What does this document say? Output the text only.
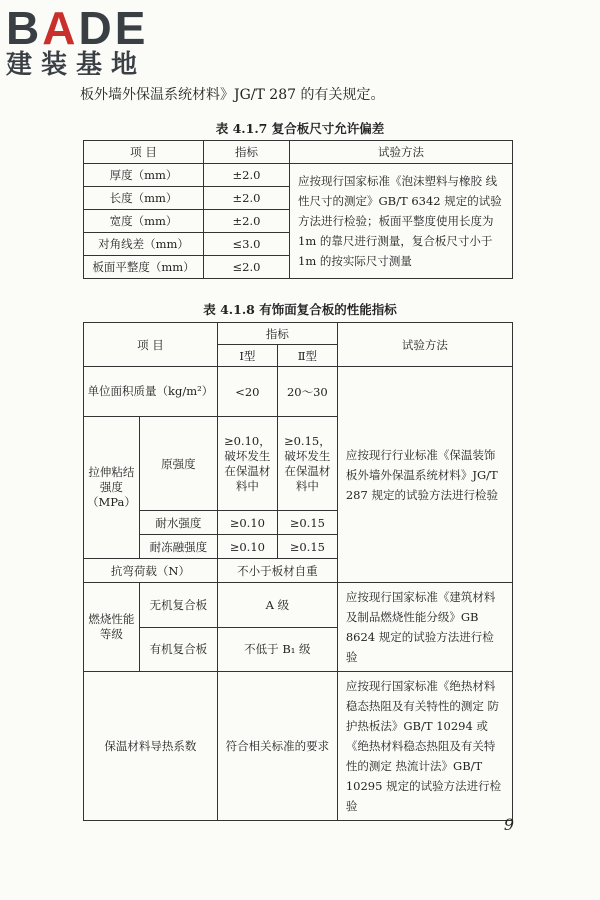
BADE
建装基地
板外墙外保温系统材料》JG/T 287 的有关规定。
表 4.1.7 复合板尺寸允许偏差
项 目	指标	试验方法
厚度（mm）	±2.0	应按现行国家标准《泡沫塑料与橡胶 线性尺寸的测定》GB/T 6342 规定的试验方法进行检验；板面平整度使用长度为 1m 的靠尺进行测量，复合板尺寸小于 1m 的按实际尺寸测量
长度（mm）	±2.0	
宽度（mm）	±2.0	
对角线差（mm）	≤3.0	
板面平整度（mm）	≤2.0	
表 4.1.8 有饰面复合板的性能指标
项 目		指标		试验方法
		Ⅰ型	Ⅱ型	
单位面积质量（kg/m²）		<20	20～30	应按现行行业标准《保温装饰板外墙外保温系统材料》JG/T 287 规定的试验方法进行检验
拉伸粘结强度（MPa）	原强度	≥0.10，破坏发生在保温材料中	≥0.15，破坏发生在保温材料中	
	耐水强度	≥0.10	≥0.15	
	耐冻融强度	≥0.10	≥0.15	
抗弯荷载（N）		不小于板材自重		
燃烧性能等级	无机复合板	A 级		应按现行国家标准《建筑材料及制品燃烧性能分级》GB 8624 规定的试验方法进行检验
	有机复合板	不低于 B₁ 级		
保温材料导热系数		符合相关标准的要求		应按现行国家标准《绝热材料稳态热阻及有关特性的测定 防护热板法》GB/T 10294 或《绝热材料稳态热阻及有关特性的测定 热流计法》GB/T 10295 规定的试验方法进行检验
9
